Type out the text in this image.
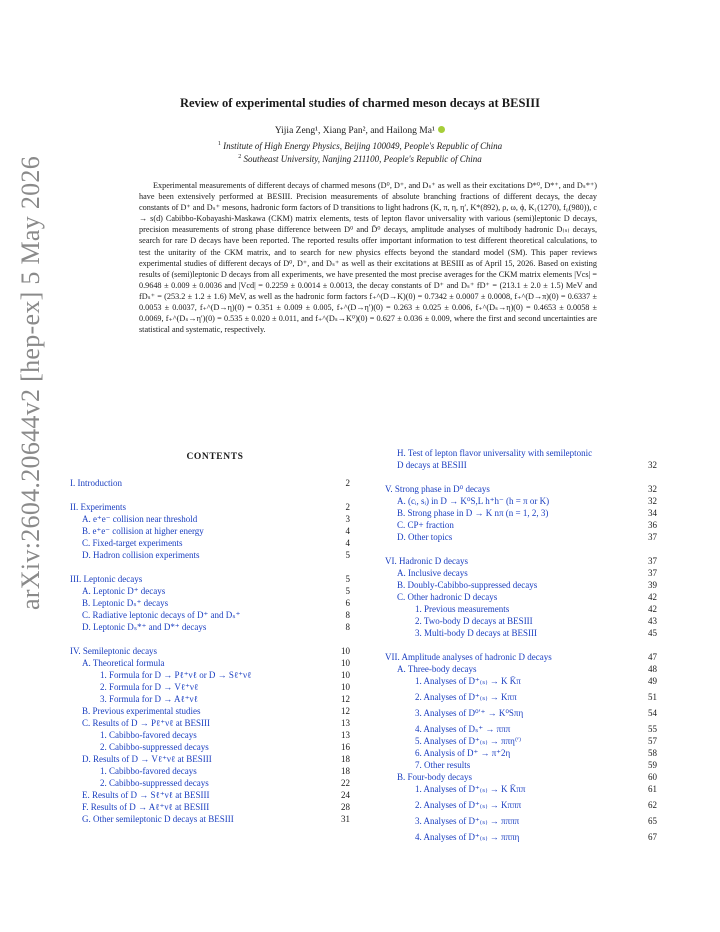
arXiv:2604.20644v2 [hep-ex] 5 May 2026
Review of experimental studies of charmed meson decays at BESIII
Yijia Zeng¹, Xiang Pan², and Hailong Ma¹
$^1$ Institute of High Energy Physics, Beijing 100049, People's Republic of China
$^2$ Southeast University, Nanjing 211100, People's Republic of China
Experimental measurements of different decays of charmed mesons (D⁰, D⁺, and Dₛ⁺ as well as their excitations D*⁰, D*⁺, and Dₛ*⁺) have been extensively performed at BESIII. Precision measurements of absolute branching fractions of different decays, the decay constants of D⁺ and Dₛ⁺ mesons, hadronic form factors of D transitions to light hadrons (K, π, η, η′, K*(892), ρ, ω, ϕ, K₁(1270), f₀(980)), c → s(d) Cabibbo-Kobayashi-Maskawa (CKM) matrix elements, tests of lepton flavor universality with various (semi)leptonic D decays, precision measurements of strong phase difference between D⁰ and D̄⁰ decays, amplitude analyses of multibody hadronic D₍ₛ₎ decays, search for rare D decays have been reported. The reported results offer important information to test different theoretical calculations, to test the unitarity of the CKM matrix, and to search for new physics effects beyond the standard model (SM). This paper reviews experimental studies of different decays of D⁰, D⁺, and Dₛ⁺ as well as their excitations at BESIII as of April 15, 2026. Based on existing results of (semi)leptonic D decays from all experiments, we have presented the most precise averages for the CKM matrix elements |Vcs| = 0.9648 ± 0.009 ± 0.0036 and |Vcd| = 0.2259 ± 0.0014 ± 0.0013, the decay constants of D⁺ and Dₛ⁺ fD⁺ = (213.1 ± 2.0 ± 1.5) MeV and fDₛ⁺ = (253.2 ± 1.2 ± 1.6) MeV, as well as the hadronic form factors f₊^(D→K)(0) = 0.7342 ± 0.0007 ± 0.0008, f₊^(D→π)(0) = 0.6337 ± 0.0053 ± 0.0037, f₊^(D→η)(0) = 0.351 ± 0.009 ± 0.005, f₊^(D→η′)(0) = 0.263 ± 0.025 ± 0.006, f₊^(Dₛ→η)(0) = 0.4653 ± 0.0058 ± 0.0069, f₊^(Dₛ→η′)(0) = 0.535 ± 0.020 ± 0.011, and f₊^(Dₛ→K⁰)(0) = 0.627 ± 0.036 ± 0.009, where the first and second uncertainties are statistical and systematic, respectively.
CONTENTS
I. Introduction	2
II. Experiments	2
A. e⁺e⁻ collision near threshold	3
B. e⁺e⁻ collision at higher energy	4
C. Fixed-target experiments	4
D. Hadron collision experiments	5
III. Leptonic decays	5
A. Leptonic D⁺ decays	5
B. Leptonic Dₛ⁺ decays	6
C. Radiative leptonic decays of D⁺ and Dₛ⁺	8
D. Leptonic Dₛ*⁺ and D*⁺ decays	8
IV. Semileptonic decays	10
A. Theoretical formula	10
1. Formula for D → Pℓ⁺νℓ or D → Sℓ⁺νℓ	10
2. Formula for D → Vℓ⁺νℓ	10
3. Formula for D → Aℓ⁺νℓ	12
B. Previous experimental studies	12
C. Results of D → Pℓ⁺νℓ at BESIII	13
1. Cabibbo-favored decays	13
2. Cabibbo-suppressed decays	16
D. Results of D → Vℓ⁺νℓ at BESIII	18
1. Cabibbo-favored decays	18
2. Cabibbo-suppressed decays	22
E. Results of D → Sℓ⁺νℓ at BESIII	24
F. Results of D → Aℓ⁺νℓ at BESIII	28
G. Other semileptonic D decays at BESIII	31
H. Test of lepton flavor universality with semileptonic D decays at BESIII	32
V. Strong phase in D⁰ decays	32
A. (cᵢ, sᵢ) in D → K⁰S,L h⁺h⁻ (h = π or K)	32
B. Strong phase in D → K nπ (n = 1, 2, 3)	34
C. CP+ fraction	36
D. Other topics	37
VI. Hadronic D decays	37
A. Inclusive decays	37
B. Doubly-Cabibbo-suppressed decays	39
C. Other hadronic D decays	42
1. Previous measurements	42
2. Two-body D decays at BESIII	43
3. Multi-body D decays at BESIII	45
VII. Amplitude analyses of hadronic D decays	47
A. Three-body decays	48
1. Analyses of D⁺₍ₛ₎ → K K̄π	49
2. Analyses of D⁺₍ₛ₎ → Kππ	51
3. Analyses of D⁰′⁺ → K⁰Sπη	54
4. Analyses of Dₛ⁺ → πππ	55
5. Analyses of D⁺₍ₛ₎ → ππη⁽′⁾	57
6. Analysis of D⁺ → π⁺2η	58
7. Other results	59
B. Four-body decays	60
1. Analyses of D⁺₍ₛ₎ → K K̄ππ	61
2. Analyses of D⁺₍ₛ₎ → Kπππ	62
3. Analyses of D⁺₍ₛ₎ → ππππ	65
4. Analyses of D⁺₍ₛ₎ → πππη	67
